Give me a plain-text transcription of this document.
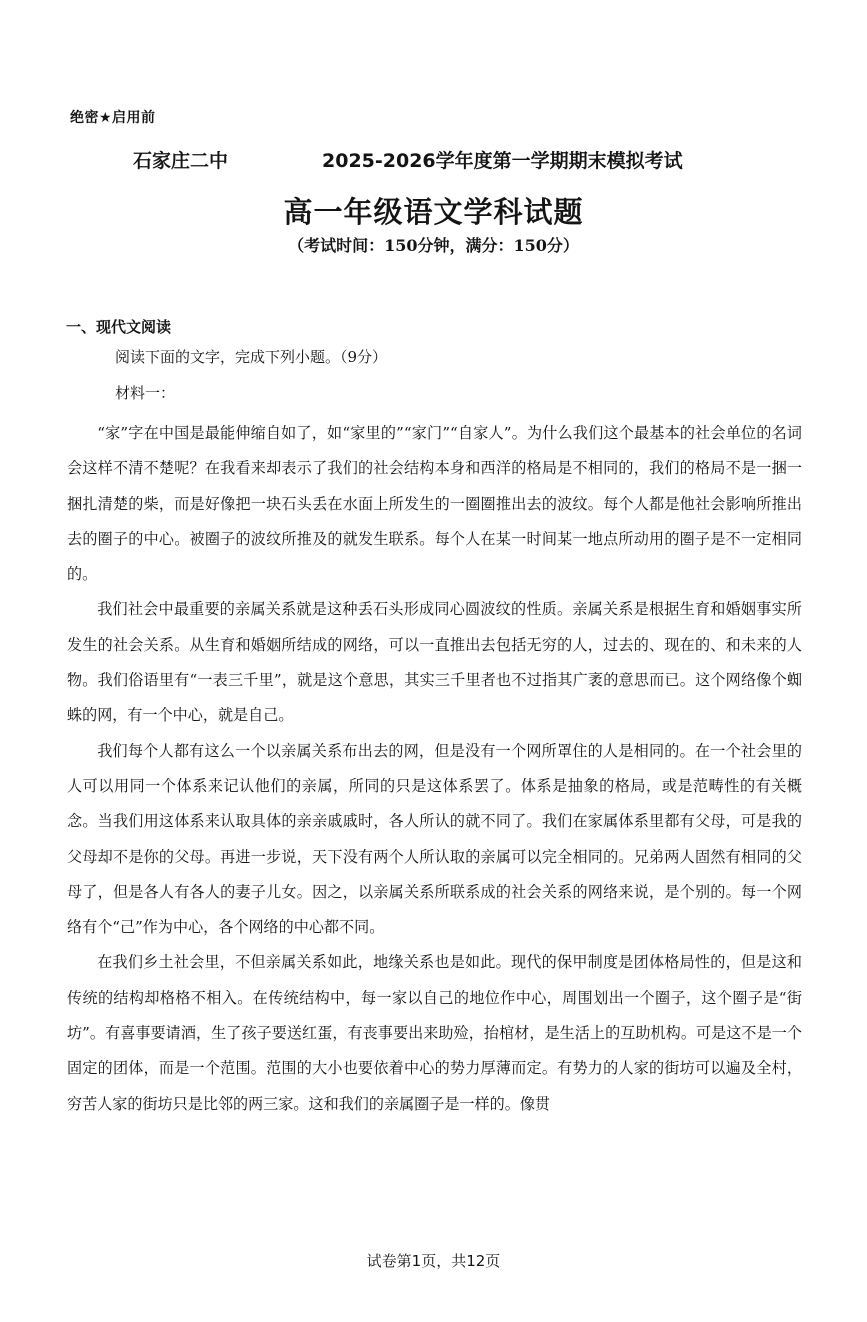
绝密★启用前
石家庄二中	2025-2026学年度第一学期期末模拟考试
高一年级语文学科试题
（考试时间：150分钟，满分：150分）
一、现代文阅读
阅读下面的文字，完成下列小题。（9分）
材料一：

“家”字在中国是最能伸缩自如了，如“家里的”“家门”“自家人”。为什么我们这个最基本的社会单位的名词会这样不清不楚呢？在我看来却表示了我们的社会结构本身和西洋的格局是不相同的，我们的格局不是一捆一捆扎清楚的柴，而是好像把一块石头丢在水面上所发生的一圈圈推出去的波纹。每个人都是他社会影响所推出去的圈子的中心。被圈子的波纹所推及的就发生联系。每个人在某一时间某一地点所动用的圈子是不一定相同的。

我们社会中最重要的亲属关系就是这种丢石头形成同心圆波纹的性质。亲属关系是根据生育和婚姻事实所发生的社会关系。从生育和婚姻所结成的网络，可以一直推出去包括无穷的人，过去的、现在的、和未来的人物。我们俗语里有“一表三千里”，就是这个意思，其实三千里者也不过指其广袤的意思而已。这个网络像个蜘蛛的网，有一个中心，就是自己。

我们每个人都有这么一个以亲属关系布出去的网，但是没有一个网所罩住的人是相同的。在一个社会里的人可以用同一个体系来记认他们的亲属，所同的只是这体系罢了。体系是抽象的格局，或是范畴性的有关概念。当我们用这体系来认取具体的亲亲戚戚时，各人所认的就不同了。我们在家属体系里都有父母，可是我的父母却不是你的父母。再进一步说，天下没有两个人所认取的亲属可以完全相同的。兄弟两人固然有相同的父母了，但是各人有各人的妻子儿女。因之，以亲属关系所联系成的社会关系的网络来说，是个别的。每一个网络有个“己”作为中心，各个网络的中心都不同。

在我们乡土社会里，不但亲属关系如此，地缘关系也是如此。现代的保甲制度是团体格局性的，但是这和传统的结构却格格不相入。在传统结构中，每一家以自己的地位作中心，周围划出一个圈子，这个圈子是“街坊”。有喜事要请酒，生了孩子要送红蛋，有丧事要出来助殓，抬棺材，是生活上的互助机构。可是这不是一个固定的团体，而是一个范围。范围的大小也要依着中心的势力厚薄而定。有势力的人家的街坊可以遍及全村，穷苦人家的街坊只是比邻的两三家。这和我们的亲属圈子是一样的。像贯

试卷第1页，共12页
